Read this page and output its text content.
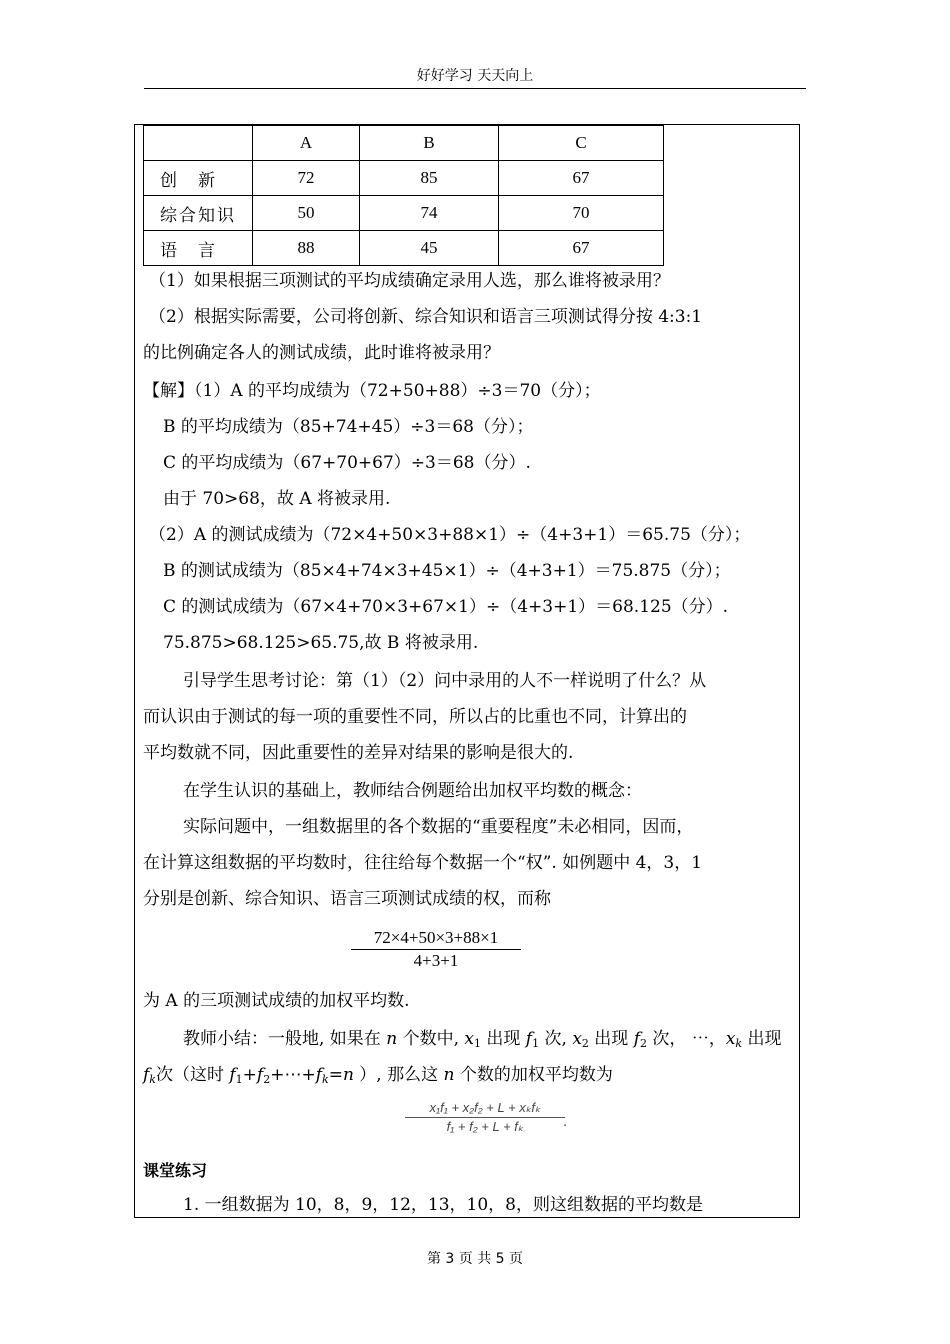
好好学习 天天向上
	A	B	C
创　新	72	85	67
综合知识	50	74	70
语　言	88	45	67
（1）如果根据三项测试的平均成绩确定录用人选，那么谁将被录用？
（2）根据实际需要，公司将创新、综合知识和语言三项测试得分按 4:3:1
的比例确定各人的测试成绩，此时谁将被录用？
【解】（1）A 的平均成绩为（72+50+88）÷3＝70（分）；
B 的平均成绩为（85+74+45）÷3＝68（分）；
C 的平均成绩为（67+70+67）÷3＝68（分）.
由于 70>68，故 A 将被录用.
（2）A 的测试成绩为（72×4+50×3+88×1）÷（4+3+1）＝65.75（分）；
B 的测试成绩为（85×4+74×3+45×1）÷（4+3+1）＝75.875（分）；
C 的测试成绩为（67×4+70×3+67×1）÷（4+3+1）＝68.125（分）.
75.875>68.125>65.75,故 B 将被录用.
引导学生思考讨论：第（1）（2）问中录用的人不一样说明了什么？从
而认识由于测试的每一项的重要性不同，所以占的比重也不同，计算出的
平均数就不同，因此重要性的差异对结果的影响是很大的.
在学生认识的基础上，教师结合例题给出加权平均数的概念：
实际问题中，一组数据里的各个数据的“重要程度”未必相同，因而，
在计算这组数据的平均数时，往往给每个数据一个“权”. 如例题中 4，3，1
分别是创新、综合知识、语言三项测试成绩的权，而称
72×4+50×3+88×1
4+3+1
为 A 的三项测试成绩的加权平均数.
教师小结：一般地, 如果在 n 个数中, $x_1$ 出现 $f_1$ 次, $x_2$ 出现 $f_2$ 次， ⋯，$x_k$ 出现
$f_k$次（这时 $f_1+f_2+\cdots+f_k=n$ ）, 那么这 n 个数的加权平均数为
x₁f₁ + x₂f₂ + L + xₖfₖ
f₁ + f₂ + L + fₖ	.
课堂练习
1. 一组数据为 10，8，9，12，13，10，8，则这组数据的平均数是
第 3 页 共 5 页
